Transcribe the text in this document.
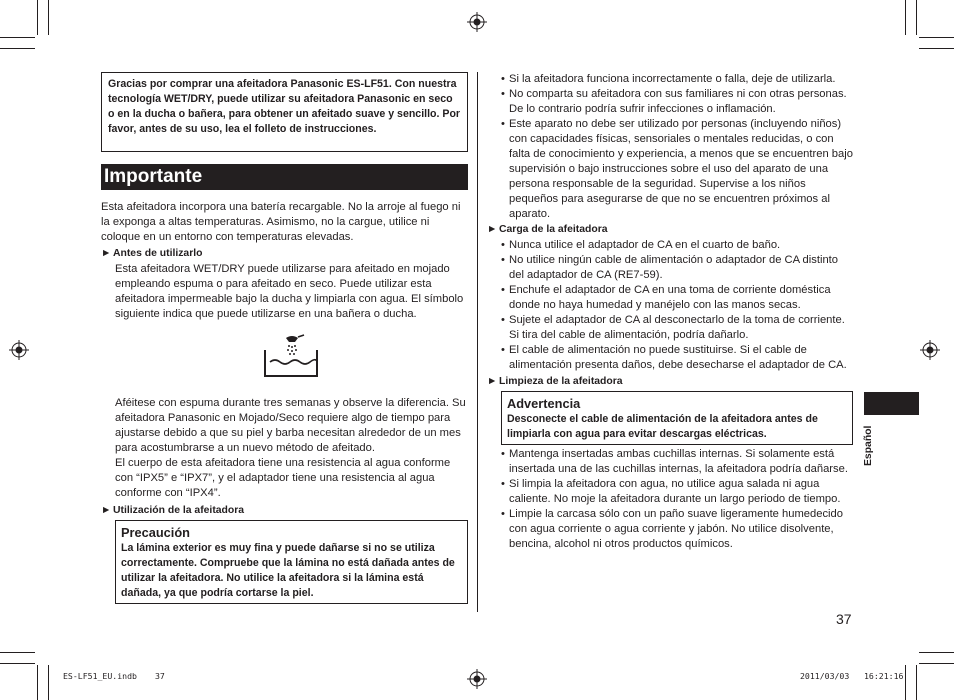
Gracias por comprar una afeitadora Panasonic ES-LF51. Con nuestra tecnología WET/DRY, puede utilizar su afeitadora Panasonic en seco o en la ducha o bañera, para obtener un afeitado suave y sencillo. Por favor, antes de su uso, lea el folleto de instrucciones.
Importante
Esta afeitadora incorpora una batería recargable. No la arroje al fuego ni la exponga a altas temperaturas. Asimismo, no la cargue, utilice ni coloque en un entorno con temperaturas elevadas.
► Antes de utilizarlo
Esta afeitadora WET/DRY puede utilizarse para afeitado en mojado empleando espuma o para afeitado en seco. Puede utilizar esta afeitadora impermeable bajo la ducha y limpiarla con agua. El símbolo siguiente indica que puede utilizarse en una bañera o ducha.
Aféitese con espuma durante tres semanas y observe la diferencia. Su afeitadora Panasonic en Mojado/Seco requiere algo de tiempo para ajustarse debido a que su piel y barba necesitan alrededor de un mes para acostumbrarse a un nuevo método de afeitado.
El cuerpo de esta afeitadora tiene una resistencia al agua conforme con “IPX5” e “IPX7”, y el adaptador tiene una resistencia al agua conforme con “IPX4”.
► Utilización de la afeitadora
Precaución
La lámina exterior es muy fina y puede dañarse si no se utiliza correctamente. Compruebe que la lámina no está dañada antes de utilizar la afeitadora. No utilice la afeitadora si la lámina está dañada, ya que podría cortarse la piel.
• Si la afeitadora funciona incorrectamente o falla, deje de utilizarla.
• No comparta su afeitadora con sus familiares ni con otras personas. De lo contrario podría sufrir infecciones o inflamación.
• Este aparato no debe ser utilizado por personas (incluyendo niños) con capacidades físicas, sensoriales o mentales reducidas, o con falta de conocimiento y experiencia, a menos que se encuentren bajo supervisión o bajo instrucciones sobre el uso del aparato de una persona responsable de la seguridad. Supervise a los niños pequeños para asegurarse de que no se encuentren próximos al aparato.
► Carga de la afeitadora
• Nunca utilice el adaptador de CA en el cuarto de baño.
• No utilice ningún cable de alimentación o adaptador de CA distinto del adaptador de CA (RE7-59).
• Enchufe el adaptador de CA en una toma de corriente doméstica donde no haya humedad y manéjelo con las manos secas.
• Sujete el adaptador de CA al desconectarlo de la toma de corriente. Si tira del cable de alimentación, podría dañarlo.
• El cable de alimentación no puede sustituirse. Si el cable de alimentación presenta daños, debe desecharse el adaptador de CA.
► Limpieza de la afeitadora
Advertencia
Desconecte el cable de alimentación de la afeitadora antes de limpiarla con agua para evitar descargas eléctricas.
• Mantenga insertadas ambas cuchillas internas. Si solamente está insertada una de las cuchillas internas, la afeitadora podría dañarse.
• Si limpia la afeitadora con agua, no utilice agua salada ni agua caliente. No moje la afeitadora durante un largo periodo de tiempo.
• Limpie la carcasa sólo con un paño suave ligeramente humedecido con agua corriente o agua corriente y jabón. No utilice disolvente, bencina, alcohol ni otros productos químicos.
Español
37
ES-LF51_EU.indb 37	2011/03/03 16:21:16
